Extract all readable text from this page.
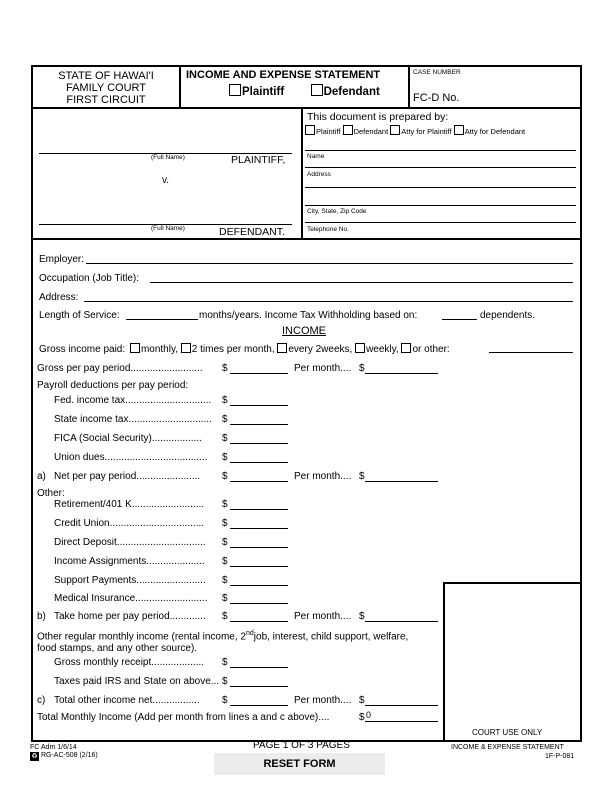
STATE OF HAWAI'I
FAMILY COURT
FIRST CIRCUIT
INCOME AND EXPENSE STATEMENT
Plaintiff	Defendant
CASE NUMBER
FC-D No.
(Full Name)	PLAINTIFF,
v.
(Full Name)	DEFENDANT.
This document is prepared by:
Plaintiff Defendant Atty for Plaintiff Atty for Defendant
Name
Address
City, State, Zip Code
Telephone No.
Employer:
Occupation (Job Title):
Address:
Length of Service:	months/years. Income Tax Withholding based on:	dependents.
INCOME
Gross income paid: monthly, 2 times per month, every 2weeks, weekly, or other:
Gross per pay period.......................... $	Per month.... $
Payroll deductions per pay period:
Fed. income tax............................... $
State income tax.............................. $
FICA (Social Security).................. $
Union dues..................................... $
a) Net per pay period....................... $	Per month.... $
Other:
Retirement/401 K.......................... $
Credit Union.................................. $
Direct Deposit................................ $
Income Assignments..................... $
Support Payments......................... $
Medical Insurance.......................... $
b) Take home per pay period............. $	Per month.... $
Gross monthly receipt................... $
Taxes paid IRS and State on above... $
c) Total other income net................. $	Per month.... $
Other regular monthly income (rental income, 2ndjob, interest, child support, welfare,
food stamps, and any other source).
Total Monthly Income (Add per month from lines a and c above)....	$ 0
COURT USE ONLY
FC Adm 1/6/14
♻ RG-AC-508 (2/16)
PAGE 1 OF 3 PAGES	INCOME & EXPENSE STATEMENT
1F-P-081
RESET FORM
